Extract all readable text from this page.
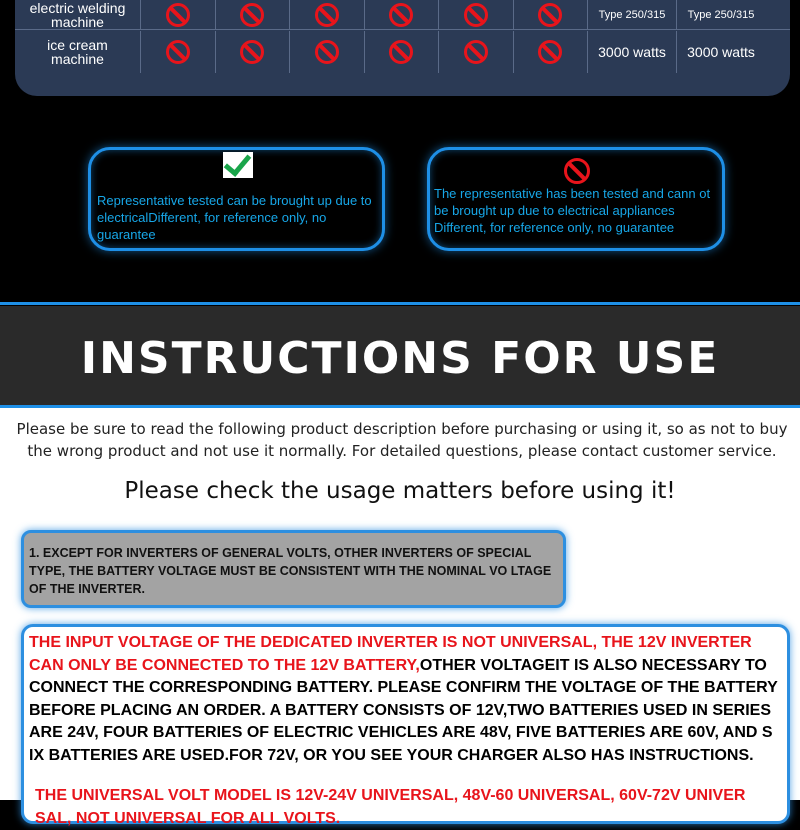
electric welding
machine	Type 250/315	Type 250/315
ice cream
machine	3000 watts	3000 watts

Representative tested can be brought up due to electricalDifferent, for reference only, no guarantee

The representative has been tested and cann ot be brought up due to electrical appliances Different, for reference only, no guarantee

INSTRUCTIONS FOR USE

Please be sure to read the following product description before purchasing or using it, so as not to buy the wrong product and not use it normally. For detailed questions, please contact customer service.

Please check the usage matters before using it!

1. EXCEPT FOR INVERTERS OF GENERAL VOLTS, OTHER INVERTERS OF SPECIAL TYPE, THE BATTERY VOLTAGE MUST BE CONSISTENT WITH THE NOMINAL VO LTAGE OF THE INVERTER.

THE INPUT VOLTAGE OF THE DEDICATED INVERTER IS NOT UNIVERSAL, THE 12V INVERTER CAN ONLY BE CONNECTED TO THE 12V BATTERY,OTHER VOLTAGEIT IS ALSO NECESSARY TO CONNECT THE CORRESPONDING BATTERY. PLEASE CONFIRM THE VOLTAGE OF THE BATTERY BEFORE PLACING AN ORDER. A BATTERY CONSISTS OF 12V,TWO BATTERIES USED IN SERIES ARE 24V, FOUR BATTERIES OF ELECTRIC VEHICLES ARE 48V, FIVE BATTERIES ARE 60V, AND S IX BATTERIES ARE USED.FOR 72V, OR YOU SEE YOUR CHARGER ALSO HAS INSTRUCTIONS.

THE UNIVERSAL VOLT MODEL IS 12V-24V UNIVERSAL, 48V-60 UNIVERSAL, 60V-72V UNIVER SAL, NOT UNIVERSAL FOR ALL VOLTS.
